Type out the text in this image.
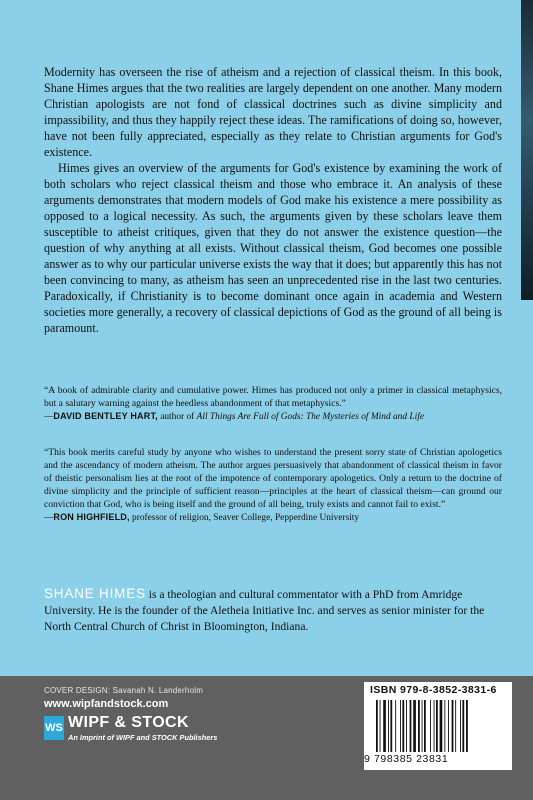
Modernity has overseen the rise of atheism and a rejection of classical theism. In this book, Shane Himes argues that the two realities are largely dependent on one another. Many modern Christian apologists are not fond of classical doctrines such as divine simplicity and impassibility, and thus they happily reject these ideas. The ramifications of doing so, however, have not been fully appreciated, especially as they relate to Christian arguments for God's existence.

Himes gives an overview of the arguments for God's existence by examining the work of both scholars who reject classical theism and those who embrace it. An analysis of these arguments demonstrates that modern models of God make his existence a mere possibility as opposed to a logical necessity. As such, the arguments given by these scholars leave them susceptible to atheist critiques, given that they do not answer the existence question—the question of why anything at all exists. Without classical theism, God becomes one possible answer as to why our particular universe exists the way that it does; but apparently this has not been convincing to many, as atheism has seen an unprecedented rise in the last two centuries. Paradoxically, if Christianity is to become dominant once again in academia and Western societies more generally, a recovery of classical depictions of God as the ground of all being is paramount.

“A book of admirable clarity and cumulative power. Himes has produced not only a primer in classical metaphysics, but a salutary warning against the heedless abandonment of that metaphysics.”

—DAVID BENTLEY HART, author of All Things Are Full of Gods: The Mysteries of Mind and Life

“This book merits careful study by anyone who wishes to understand the present sorry state of Christian apologetics and the ascendancy of modern atheism. The author argues persuasively that abandonment of classical theism in favor of theistic personalism lies at the root of the impotence of contemporary apologetics. Only a return to the doctrine of divine simplicity and the principle of sufficient reason—principles at the heart of classical theism—can ground our conviction that God, who is being itself and the ground of all being, truly exists and cannot fail to exist.”

—RON HIGHFIELD, professor of religion, Seaver College, Pepperdine University

SHANE HIMES is a theologian and cultural commentator with a PhD from Amridge University. He is the founder of the Aletheia Initiative Inc. and serves as senior minister for the North Central Church of Christ in Bloomington, Indiana.
COVER DESIGN: Savanah N. Landerholm
www.wipfandstock.com
WS WIPF & STOCK
An Imprint of WIPF and STOCK Publishers
ISBN 979-8-3852-3831-6
9 798385 23831
